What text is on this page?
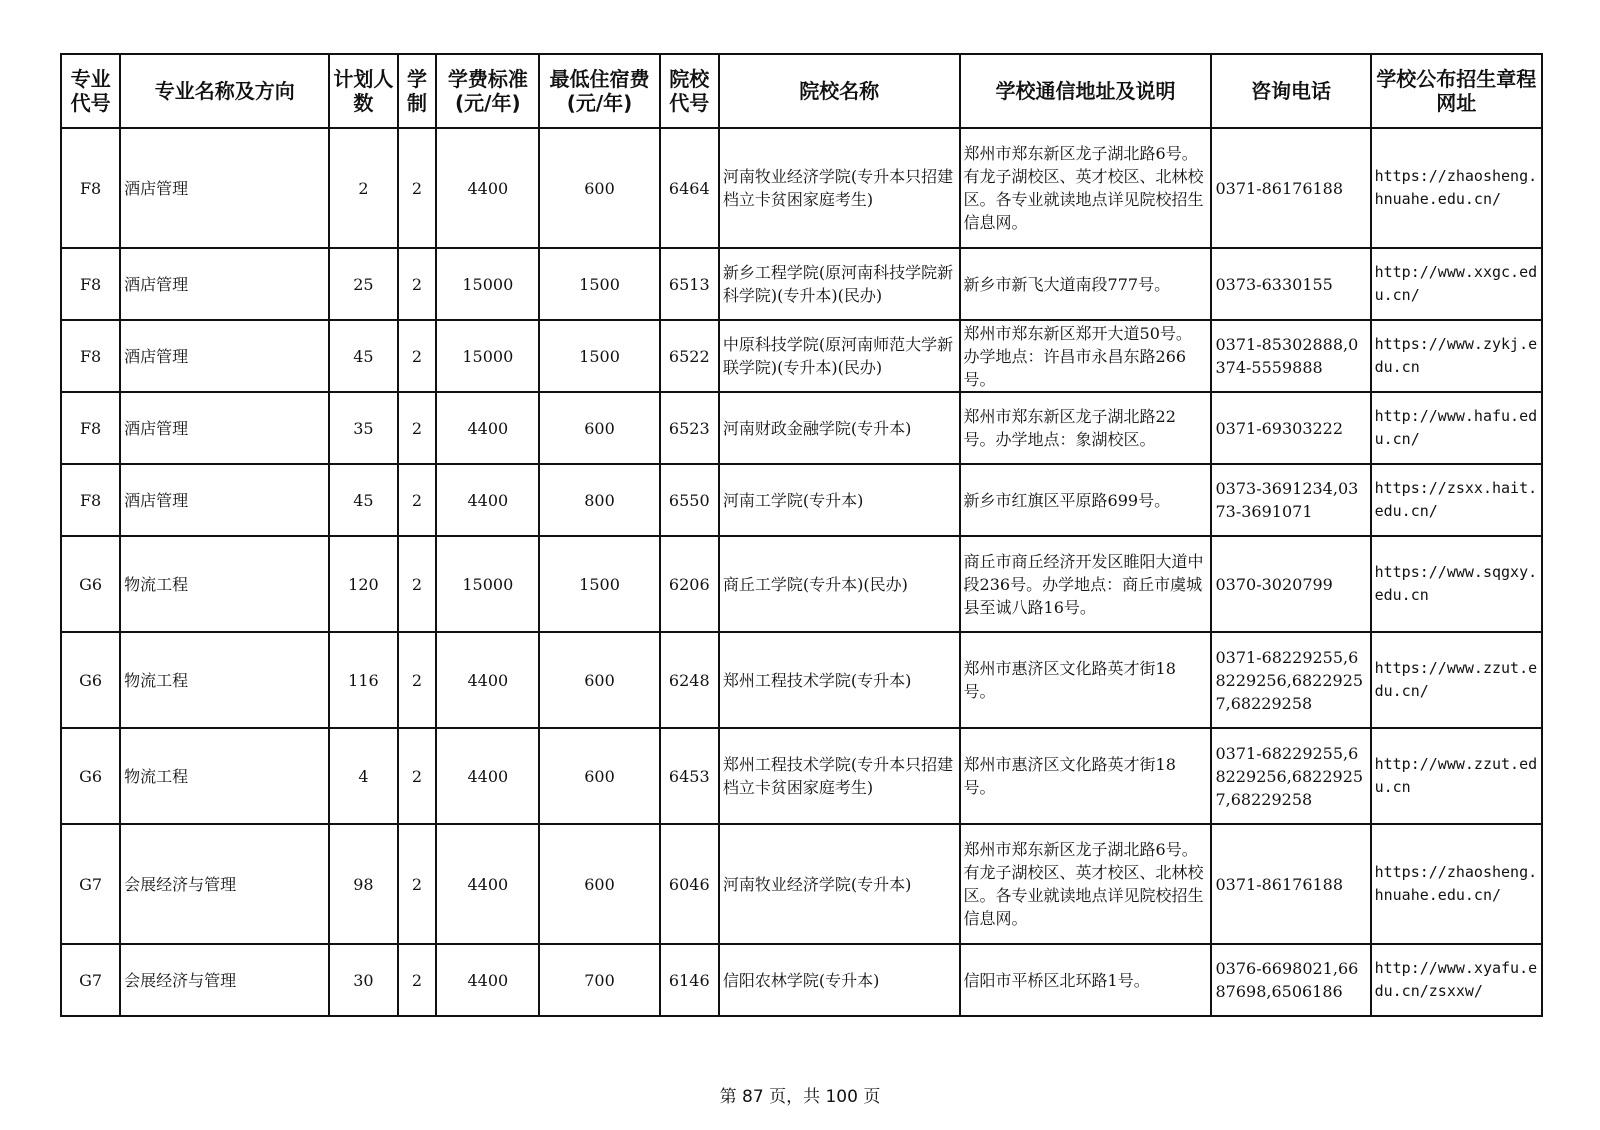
专业代号	专业名称及方向	计划人数	学制	学费标准(元/年)	最低住宿费(元/年)	院校代号	院校名称	学校通信地址及说明	咨询电话	学校公布招生章程网址
F8	酒店管理	2	2	4400	600	6464	河南牧业经济学院(专升本只招建档立卡贫困家庭考生)	郑州市郑东新区龙子湖北路6号。有龙子湖校区、英才校区、北林校区。各专业就读地点详见院校招生信息网。	0371-86176188	https://zhaosheng.hnuahe.edu.cn/
F8	酒店管理	25	2	15000	1500	6513	新乡工程学院(原河南科技学院新科学院)(专升本)(民办)	新乡市新飞大道南段777号。	0373-6330155	http://www.xxgc.edu.cn/
F8	酒店管理	45	2	15000	1500	6522	中原科技学院(原河南师范大学新联学院)(专升本)(民办)	郑州市郑东新区郑开大道50号。办学地点：许昌市永昌东路266号。	0371-85302888,0374-5559888	https://www.zykj.edu.cn
F8	酒店管理	35	2	4400	600	6523	河南财政金融学院(专升本)	郑州市郑东新区龙子湖北路22号。办学地点：象湖校区。	0371-69303222	http://www.hafu.edu.cn/
F8	酒店管理	45	2	4400	800	6550	河南工学院(专升本)	新乡市红旗区平原路699号。	0373-3691234,0373-3691071	https://zsxx.hait.edu.cn/
G6	物流工程	120	2	15000	1500	6206	商丘工学院(专升本)(民办)	商丘市商丘经济开发区睢阳大道中段236号。办学地点：商丘市虞城县至诚八路16号。	0370-3020799	https://www.sqgxy.edu.cn
G6	物流工程	116	2	4400	600	6248	郑州工程技术学院(专升本)	郑州市惠济区文化路英才街18号。	0371-68229255,68229256,68229257,68229258	https://www.zzut.edu.cn/
G6	物流工程	4	2	4400	600	6453	郑州工程技术学院(专升本只招建档立卡贫困家庭考生)	郑州市惠济区文化路英才街18号。	0371-68229255,68229256,68229257,68229258	http://www.zzut.edu.cn
G7	会展经济与管理	98	2	4400	600	6046	河南牧业经济学院(专升本)	郑州市郑东新区龙子湖北路6号。有龙子湖校区、英才校区、北林校区。各专业就读地点详见院校招生信息网。	0371-86176188	https://zhaosheng.hnuahe.edu.cn/
G7	会展经济与管理	30	2	4400	700	6146	信阳农林学院(专升本)	信阳市平桥区北环路1号。	0376-6698021,6687698,6506186	http://www.xyafu.edu.cn/zsxxw/
第 87 页，共 100 页
